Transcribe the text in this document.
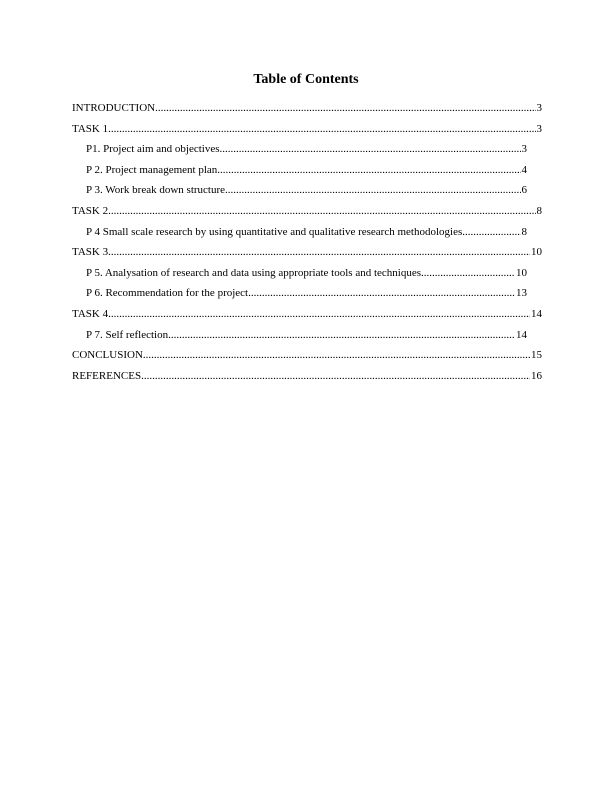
Table of Contents
INTRODUCTION .....	3
TASK 1 .....	3
P1. Project aim and objectives .....	3
P 2. Project management plan .....	4
P 3. Work break down structure .....	6
TASK 2 .....	8
P 4 Small scale research by using quantitative and qualitative research methodologies .....	8
TASK 3 .....	10
P 5. Analysation of research and data using appropriate tools and techniques .....	10
P 6. Recommendation for the project .....	13
TASK 4 .....	14
P 7. Self reflection .....	14
CONCLUSION .....	15
REFERENCES .....	16
